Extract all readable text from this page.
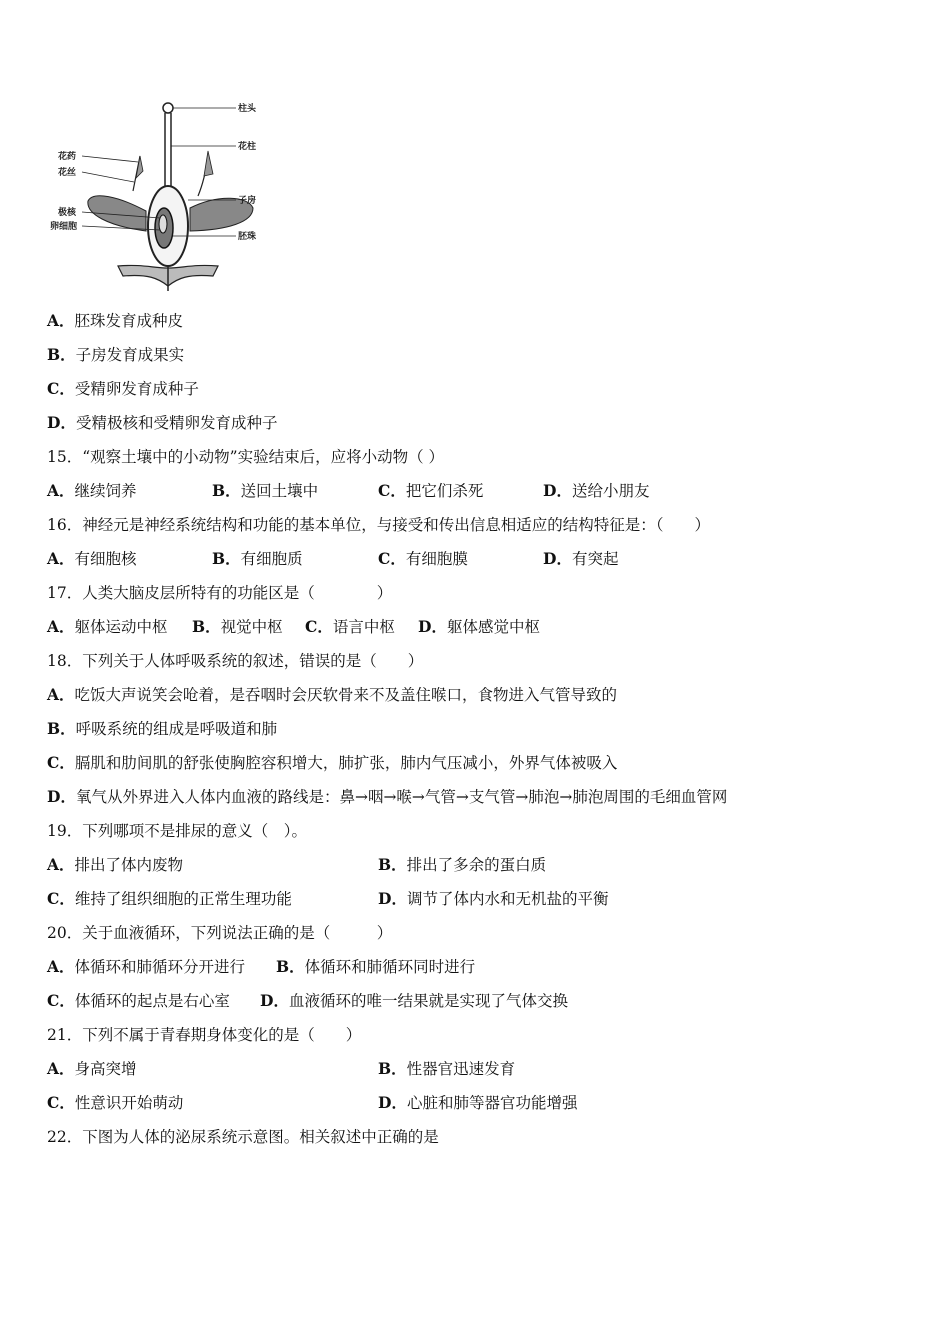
柱头
花柱
花药
花丝
子房
极核
卵细胞
胚珠
A．胚珠发育成种皮
B．子房发育成果实
C．受精卵发育成种子
D．受精极核和受精卵发育成种子
15．“观察土壤中的小动物”实验结束后，应将小动物（ ）
A．继续饲养	B．送回土壤中	C．把它们杀死	D．送给小朋友
16．神经元是神经系统结构和功能的基本单位，与接受和传出信息相适应的结构特征是：（　　）
A．有细胞核	B．有细胞质	C．有细胞膜	D．有突起
17．人类大脑皮层所特有的功能区是（　　　　）
A．躯体运动中枢 B．视觉中枢 C．语言中枢 D．躯体感觉中枢
18．下列关于人体呼吸系统的叙述，错误的是（　　）
A．吃饭大声说笑会呛着，是吞咽时会厌软骨来不及盖住喉口，食物进入气管导致的
B．呼吸系统的组成是呼吸道和肺
C．膈肌和肋间肌的舒张使胸腔容积增大，肺扩张，肺内气压减小，外界气体被吸入
D．氧气从外界进入人体内血液的路线是：鼻→咽→喉→气管→支气管→肺泡→肺泡周围的毛细血管网
19．下列哪项不是排尿的意义（　）。
A．排出了体内废物	B．排出了多余的蛋白质
C．维持了组织细胞的正常生理功能	D．调节了体内水和无机盐的平衡
20．关于血液循环，下列说法正确的是（　　　）
A．体循环和肺循环分开进行 B．体循环和肺循环同时进行
C．体循环的起点是右心室 D．血液循环的唯一结果就是实现了气体交换
21．下列不属于青春期身体变化的是（　　）
A．身高突增	B．性器官迅速发育
C．性意识开始萌动	D．心脏和肺等器官功能增强
22．下图为人体的泌尿系统示意图。相关叙述中正确的是
